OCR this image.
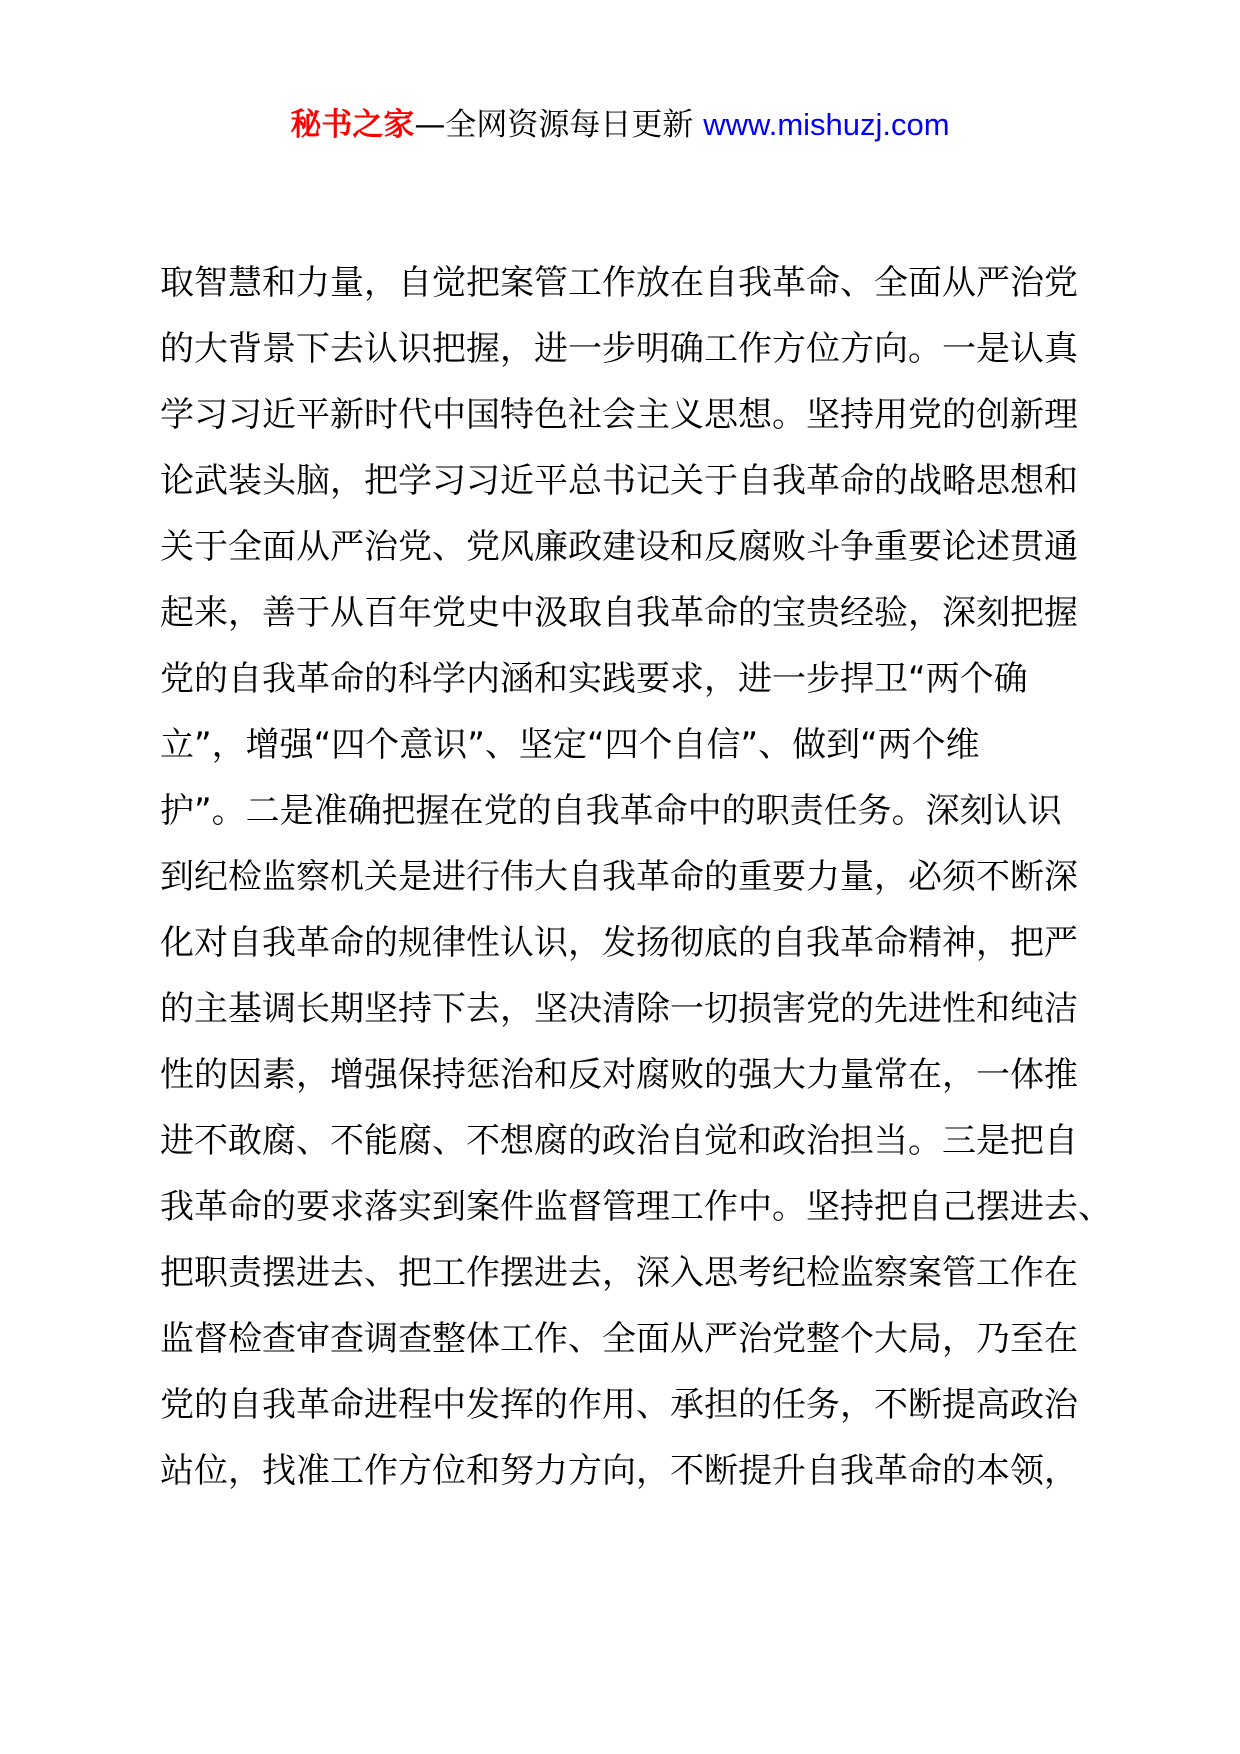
秘书之家—全网资源每日更新 www.mishuzj.com
取智慧和力量，自觉把案管工作放在自我革命、全面从严治党
的大背景下去认识把握，进一步明确工作方位方向。一是认真
学习习近平新时代中国特色社会主义思想。坚持用党的创新理
论武装头脑，把学习习近平总书记关于自我革命的战略思想和
关于全面从严治党、党风廉政建设和反腐败斗争重要论述贯通
起来，善于从百年党史中汲取自我革命的宝贵经验，深刻把握
党的自我革命的科学内涵和实践要求，进一步捍卫“两个确
立”，增强“四个意识”、坚定“四个自信”、做到“两个维
护”。二是准确把握在党的自我革命中的职责任务。深刻认识
到纪检监察机关是进行伟大自我革命的重要力量，必须不断深
化对自我革命的规律性认识，发扬彻底的自我革命精神，把严
的主基调长期坚持下去，坚决清除一切损害党的先进性和纯洁
性的因素，增强保持惩治和反对腐败的强大力量常在，一体推
进不敢腐、不能腐、不想腐的政治自觉和政治担当。三是把自
我革命的要求落实到案件监督管理工作中。坚持把自己摆进去、
把职责摆进去、把工作摆进去，深入思考纪检监察案管工作在
监督检查审查调查整体工作、全面从严治党整个大局，乃至在
党的自我革命进程中发挥的作用、承担的任务，不断提高政治
站位，找准工作方位和努力方向，不断提升自我革命的本领，
